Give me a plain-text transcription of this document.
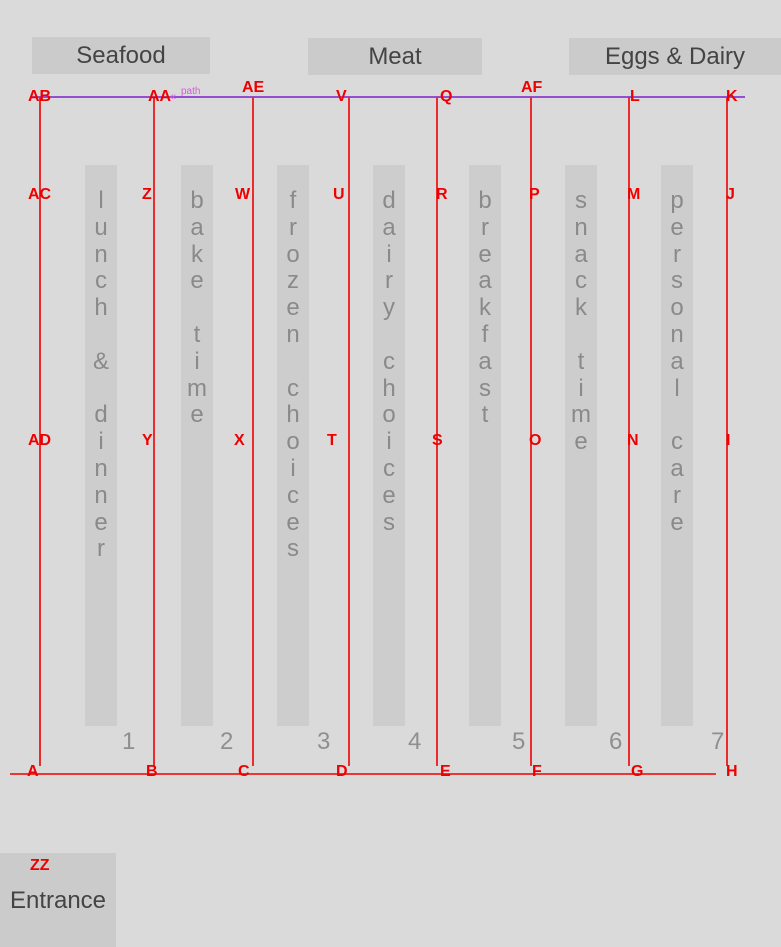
Seafood	Meat	Eggs & Dairy
l
u
n
c
h

&

d
i
n
n
e
r
1
b
a
k
e

t
i
m
e
2
f
r
o
z
e
n

c
h
o
i
c
e
s
3
d
a
i
r
y

c
h
o
i
c
e
s
4
b
r
e
a
k
f
a
s
t
5
s
n
a
c
k

t
i
m
e
6
p
e
r
s
o
n
a
l

c
a
r
e
7
Entrance
ZZ
path
«
A	B	C	D	E	F	G	H
AB	AA
AE
V	Q
AF
L	K
AC	Z	W	U	R	P	M	J
AD	Y	X	T	S	O	N	I
